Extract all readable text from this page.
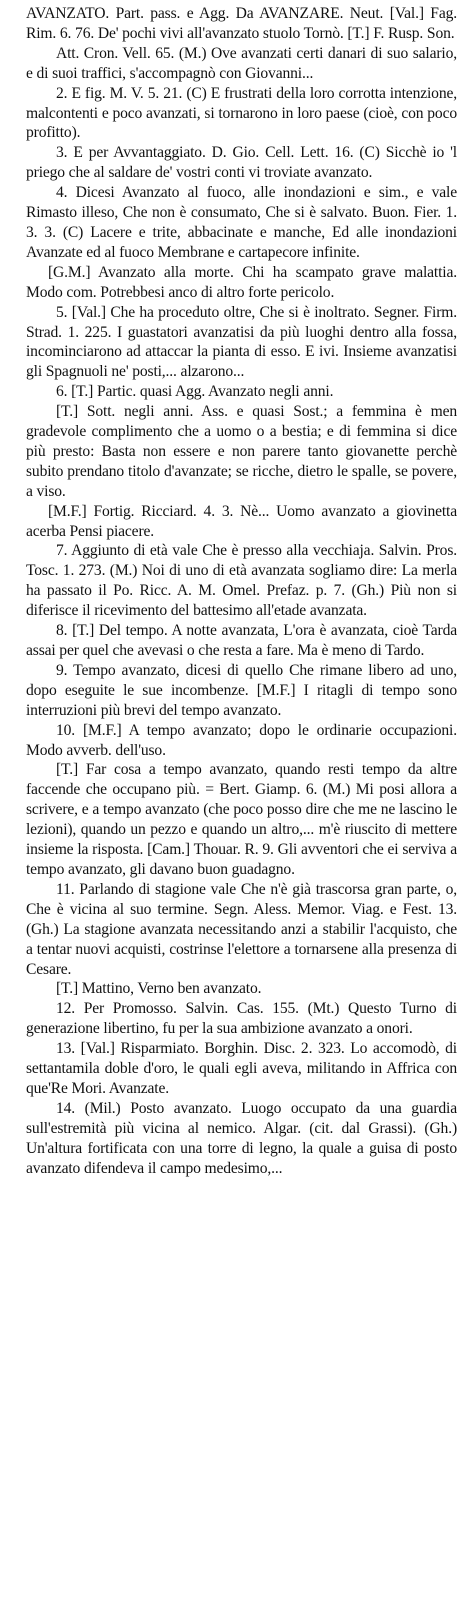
AVANZATO. Part. pass. e Agg. Da AVANZARE. Neut. [Val.] Fag. Rim. 6. 76. De' pochi vivi all'avanzato stuolo Tornò. [T.] F. Rusp. Son.

Att. Cron. Vell. 65. (M.) Ove avanzati certi danari di suo salario, e di suoi traffici, s'accompagnò con Giovanni...

2. E fig. M. V. 5. 21. (C) E frustrati della loro corrotta intenzione, malcontenti e poco avanzati, si tornarono in loro paese (cioè, con poco profitto).

3. E per Avvantaggiato. D. Gio. Cell. Lett. 16. (C) Sicchè io 'l priego che al saldare de' vostri conti vi troviate avanzato.

4. Dicesi Avanzato al fuoco, alle inondazioni e sim., e vale Rimasto illeso, Che non è consumato, Che si è salvato. Buon. Fier. 1. 3. 3. (C) Lacere e trite, abbacinate e manche, Ed alle inondazioni Avanzate ed al fuoco Membrane e cartapecore infinite.

[G.M.] Avanzato alla morte. Chi ha scampato grave malattia. Modo com. Potrebbesi anco di altro forte pericolo.

5. [Val.] Che ha proceduto oltre, Che si è inoltrato. Segner. Firm. Strad. 1. 225. I guastatori avanzatisi da più luoghi dentro alla fossa, incominciarono ad attaccar la pianta di esso. E ivi. Insieme avanzatisi gli Spagnuoli ne' posti,... alzarono...

6. [T.] Partic. quasi Agg. Avanzato negli anni.

[T.] Sott. negli anni. Ass. e quasi Sost.; a femmina è men gradevole complimento che a uomo o a bestia; e di femmina si dice più presto: Basta non essere e non parere tanto giovanette perchè subito prendano titolo d'avanzate; se ricche, dietro le spalle, se povere, a viso.

[M.F.] Fortig. Ricciard. 4. 3. Nè... Uomo avanzato a giovinetta acerba Pensi piacere.

7. Aggiunto di età vale Che è presso alla vecchiaja. Salvin. Pros. Tosc. 1. 273. (M.) Noi di uno di età avanzata sogliamo dire: La merla ha passato il Po. Ricc. A. M. Omel. Prefaz. p. 7. (Gh.) Più non si diferisce il ricevimento del battesimo all'etade avanzata.

8. [T.] Del tempo. A notte avanzata, L'ora è avanzata, cioè Tarda assai per quel che avevasi o che resta a fare. Ma è meno di Tardo.

9. Tempo avanzato, dicesi di quello Che rimane libero ad uno, dopo eseguite le sue incombenze. [M.F.] I ritagli di tempo sono interruzioni più brevi del tempo avanzato.

10. [M.F.] A tempo avanzato; dopo le ordinarie occupazioni. Modo avverb. dell'uso.

[T.] Far cosa a tempo avanzato, quando resti tempo da altre faccende che occupano più. = Bert. Giamp. 6. (M.) Mi posi allora a scrivere, e a tempo avanzato (che poco posso dire che me ne lascino le lezioni), quando un pezzo e quando un altro,... m'è riuscito di mettere insieme la risposta. [Cam.] Thouar. R. 9. Gli avventori che ei serviva a tempo avanzato, gli davano buon guadagno.

11. Parlando di stagione vale Che n'è già trascorsa gran parte, o, Che è vicina al suo termine. Segn. Aless. Memor. Viag. e Fest. 13. (Gh.) La stagione avanzata necessitando anzi a stabilir l'acquisto, che a tentar nuovi acquisti, costrinse l'elettore a tornarsene alla presenza di Cesare.

[T.] Mattino, Verno ben avanzato.

12. Per Promosso. Salvin. Cas. 155. (Mt.) Questo Turno di generazione libertino, fu per la sua ambizione avanzato a onori.

13. [Val.] Risparmiato. Borghin. Disc. 2. 323. Lo accomodò, di settantamila doble d'oro, le quali egli aveva, militando in Affrica con que'Re Mori. Avanzate.

14. (Mil.) Posto avanzato. Luogo occupato da una guardia sull'estremità più vicina al nemico. Algar. (cit. dal Grassi). (Gh.) Un'altura fortificata con una torre di legno, la quale a guisa di posto avanzato difendeva il campo medesimo,...
